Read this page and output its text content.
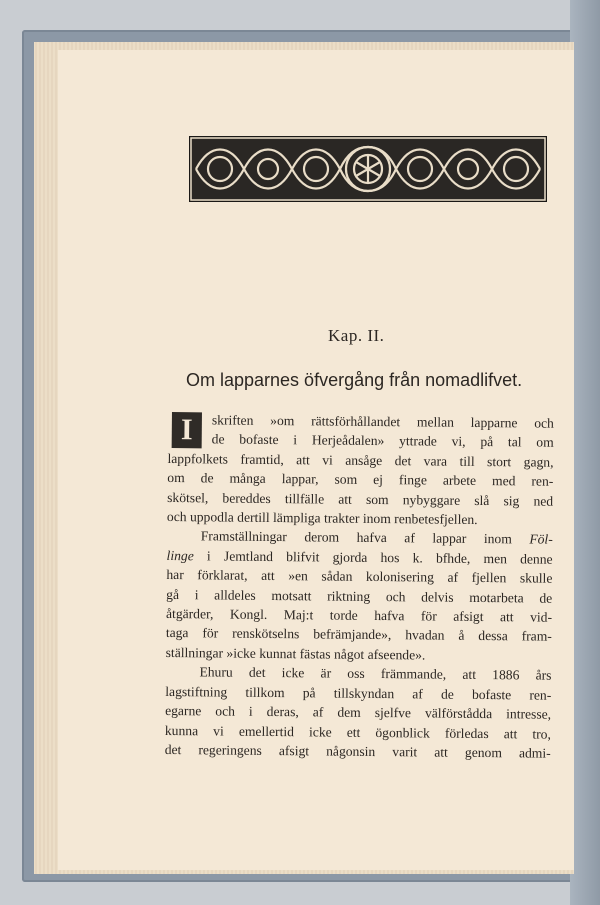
Kap. II.
Om lapparnes öfvergång från nomadlifvet.
I	skriften »om rättsförhållandet mellan lapparne och
de bofaste i Herjeådalen» yttrade vi, på tal om
lappfolkets framtid, att vi ansåge det vara till stort gagn,
om de många lappar, som ej finge arbete med ren-
skötsel, bereddes tillfälle att som nybyggare slå sig ned
och uppodla dertill lämpliga trakter inom renbetesfjellen.
Framställningar derom hafva af lappar inom Föl-
linge i Jemtland blifvit gjorda hos k. bfhde, men denne
har förklarat, att »en sådan kolonisering af fjellen skulle
gå i alldeles motsatt riktning och delvis motarbeta de
åtgärder, Kongl. Maj:t torde hafva för afsigt att vid-
taga för renskötselns befrämjande», hvadan å dessa fram-
ställningar »icke kunnat fästas något afseende».
Ehuru det icke är oss främmande, att 1886 års
lagstiftning tillkom på tillskyndan af de bofaste ren-
egarne och i deras, af dem sjelfve välförstådda intresse,
kunna vi emellertid icke ett ögonblick förledas att tro,
det regeringens afsigt någonsin varit att genom admi-
